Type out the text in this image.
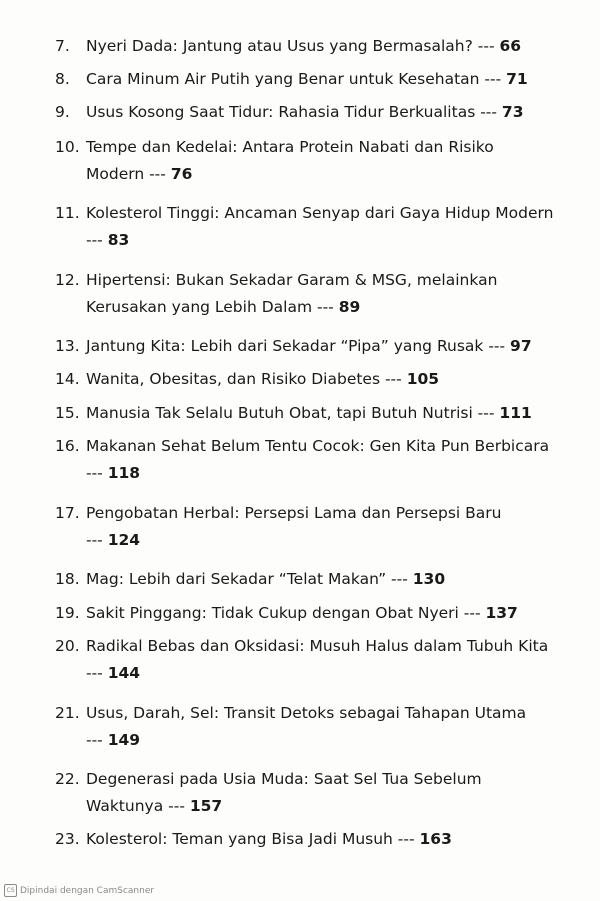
7. Nyeri Dada: Jantung atau Usus yang Bermasalah? --- 66
8. Cara Minum Air Putih yang Benar untuk Kesehatan --- 71
9. Usus Kosong Saat Tidur: Rahasia Tidur Berkualitas --- 73
10. Tempe dan Kedelai: Antara Protein Nabati dan Risiko
Modern --- 76
11. Kolesterol Tinggi: Ancaman Senyap dari Gaya Hidup Modern
--- 83
12. Hipertensi: Bukan Sekadar Garam & MSG, melainkan
Kerusakan yang Lebih Dalam --- 89
13. Jantung Kita: Lebih dari Sekadar “Pipa” yang Rusak --- 97
14. Wanita, Obesitas, dan Risiko Diabetes --- 105
15. Manusia Tak Selalu Butuh Obat, tapi Butuh Nutrisi --- 111
16. Makanan Sehat Belum Tentu Cocok: Gen Kita Pun Berbicara
--- 118
17. Pengobatan Herbal: Persepsi Lama dan Persepsi Baru
--- 124
18. Mag: Lebih dari Sekadar “Telat Makan” --- 130
19. Sakit Pinggang: Tidak Cukup dengan Obat Nyeri --- 137
20. Radikal Bebas dan Oksidasi: Musuh Halus dalam Tubuh Kita
--- 144
21. Usus, Darah, Sel: Transit Detoks sebagai Tahapan Utama
--- 149
22. Degenerasi pada Usia Muda: Saat Sel Tua Sebelum
Waktunya --- 157
23. Kolesterol: Teman yang Bisa Jadi Musuh --- 163
CS Dipindai dengan CamScanner
